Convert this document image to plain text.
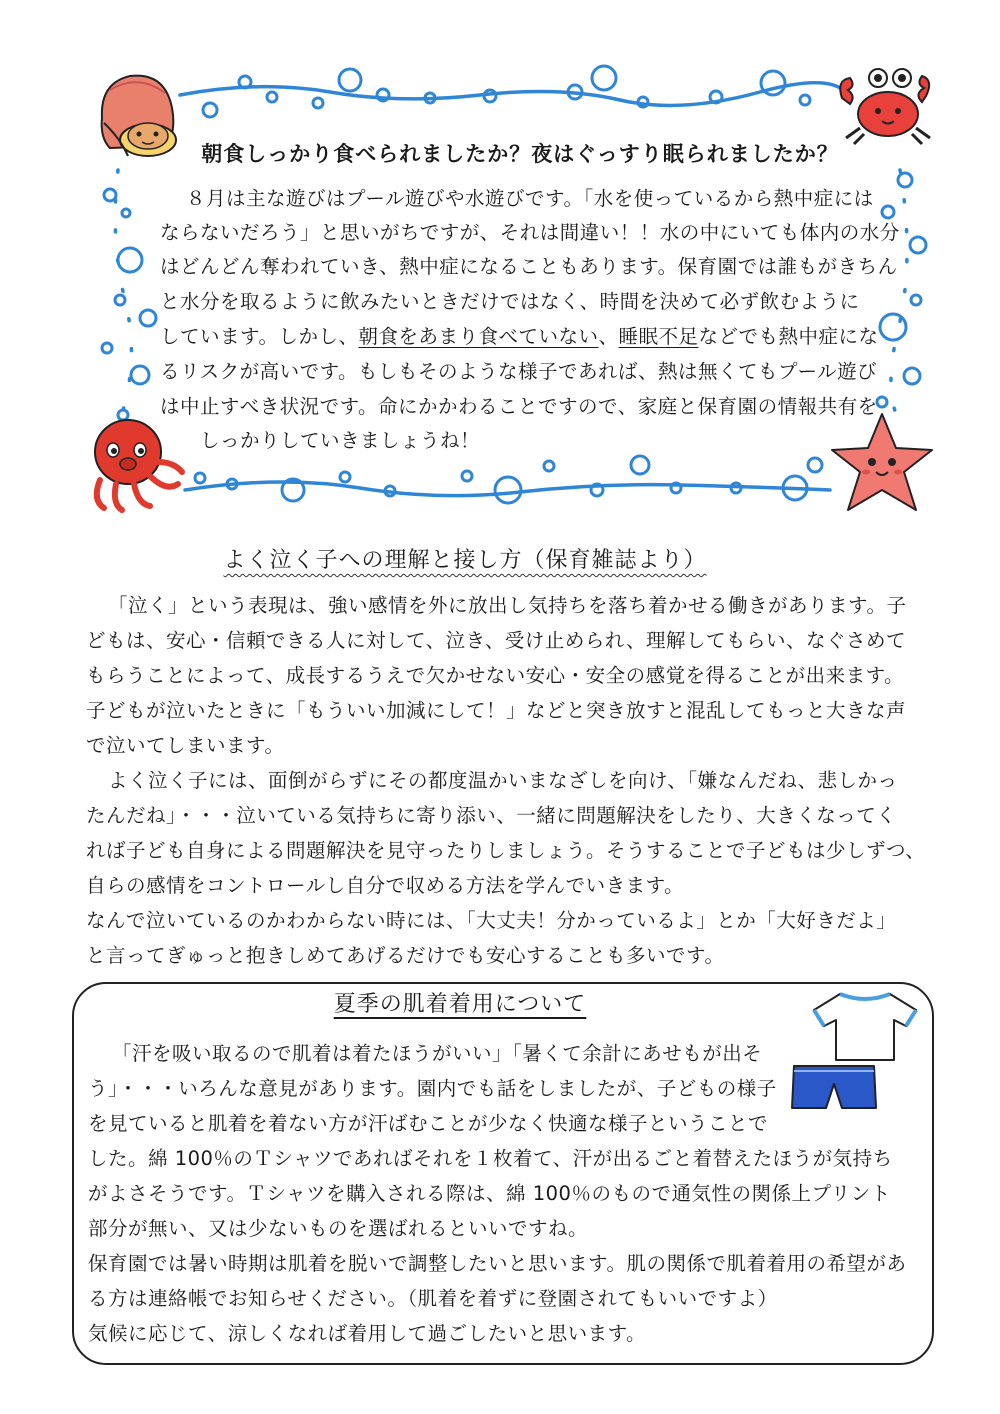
朝食しっかり食べられましたか？夜はぐっすり眠られましたか？

８月は主な遊びはプール遊びや水遊びです。「水を使っているから熱中症には

ならないだろう」と思いがちですが、それは間違い！！水の中にいても体内の水分

はどんどん奪われていき、熱中症になることもあります。保育園では誰もがきちん

と水分を取るように飲みたいときだけではなく、時間を決めて必ず飲むように

しています。しかし、朝食をあまり食べていない、睡眠不足などでも熱中症にな

るリスクが高いです。もしもそのような様子であれば、熱は無くてもプール遊び

は中止すべき状況です。命にかかわることですので、家庭と保育園の情報共有を

しっかりしていきましょうね！

よく泣く子への理解と接し方（保育雑誌より）

「泣く」という表現は、強い感情を外に放出し気持ちを落ち着かせる働きがあります。子

どもは、安心・信頼できる人に対して、泣き、受け止められ、理解してもらい、なぐさめて

もらうことによって、成長するうえで欠かせない安心・安全の感覚を得ることが出来ます。

子どもが泣いたときに「もういい加減にして！」などと突き放すと混乱してもっと大きな声

で泣いてしまいます。

よく泣く子には、面倒がらずにその都度温かいまなざしを向け、「嫌なんだね、悲しかっ

たんだね」・・・泣いている気持ちに寄り添い、一緒に問題解決をしたり、大きくなってく

れば子ども自身による問題解決を見守ったりしましょう。そうすることで子どもは少しずつ、

自らの感情をコントロールし自分で収める方法を学んでいきます。

なんで泣いているのかわからない時には、「大丈夫！分かっているよ」とか「大好きだよ」

と言ってぎゅっと抱きしめてあげるだけでも安心することも多いです。

夏季の肌着着用について

「汗を吸い取るので肌着は着たほうがいい」「暑くて余計にあせもが出そ

う」・・・いろんな意見があります。園内でも話をしましたが、子どもの様子

を見ていると肌着を着ない方が汗ばむことが少なく快適な様子ということで

した。綿 100％のＴシャツであればそれを１枚着て、汗が出るごと着替えたほうが気持ち

がよさそうです。Ｔシャツを購入される際は、綿 100％のもので通気性の関係上プリント

部分が無い、又は少ないものを選ばれるといいですね。

保育園では暑い時期は肌着を脱いで調整したいと思います。肌の関係で肌着着用の希望があ

る方は連絡帳でお知らせください。（肌着を着ずに登園されてもいいですよ）

気候に応じて、涼しくなれば着用して過ごしたいと思います。
